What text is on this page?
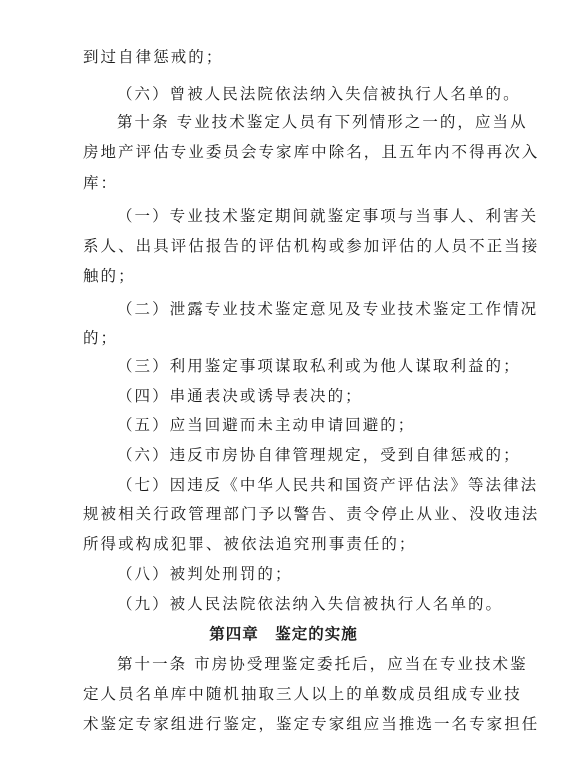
到过自律惩戒的；
（六）曾被人民法院依法纳入失信被执行人名单的。
第十条 专业技术鉴定人员有下列情形之一的，应当从
房地产评估专业委员会专家库中除名，且五年内不得再次入
库：
（一）专业技术鉴定期间就鉴定事项与当事人、利害关
系人、出具评估报告的评估机构或参加评估的人员不正当接
触的；
（二）泄露专业技术鉴定意见及专业技术鉴定工作情况
的；
（三）利用鉴定事项谋取私利或为他人谋取利益的；
（四）串通表决或诱导表决的；
（五）应当回避而未主动申请回避的；
（六）违反市房协自律管理规定，受到自律惩戒的；
（七）因违反《中华人民共和国资产评估法》等法律法
规被相关行政管理部门予以警告、责令停止从业、没收违法
所得或构成犯罪、被依法追究刑事责任的；
（八）被判处刑罚的；
（九）被人民法院依法纳入失信被执行人名单的。
第四章　鉴定的实施
第十一条 市房协受理鉴定委托后，应当在专业技术鉴
定人员名单库中随机抽取三人以上的单数成员组成专业技
术鉴定专家组进行鉴定，鉴定专家组应当推选一名专家担任
